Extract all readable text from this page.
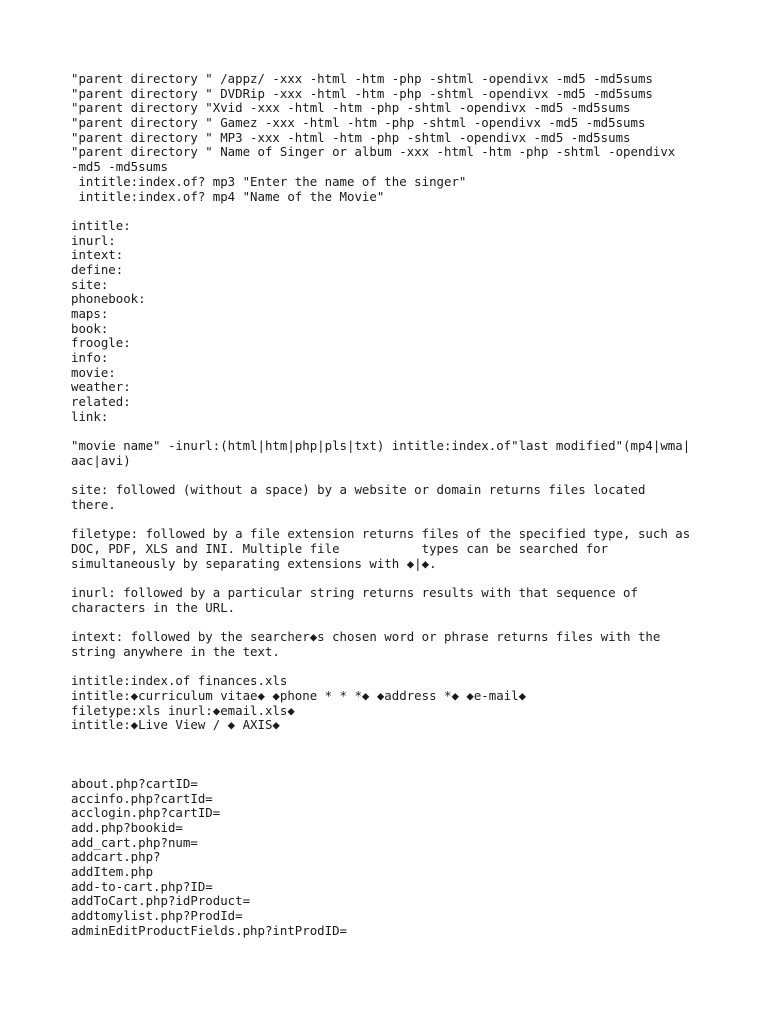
"parent directory " /appz/ -xxx -html -htm -php -shtml -opendivx -md5 -md5sums
"parent directory " DVDRip -xxx -html -htm -php -shtml -opendivx -md5 -md5sums
"parent directory "Xvid -xxx -html -htm -php -shtml -opendivx -md5 -md5sums
"parent directory " Gamez -xxx -html -htm -php -shtml -opendivx -md5 -md5sums
"parent directory " MP3 -xxx -html -htm -php -shtml -opendivx -md5 -md5sums
"parent directory " Name of Singer or album -xxx -html -htm -php -shtml -opendivx
-md5 -md5sums
intitle:index.of? mp3 "Enter the name of the singer"
intitle:index.of? mp4 "Name of the Movie"
intitle:
inurl:
intext:
define:
site:
phonebook:
maps:
book:
froogle:
info:
movie:
weather:
related:
link:
"movie name" -inurl:(html|htm|php|pls|txt) intitle:index.of"last modified"(mp4|wma|
aac|avi)
site: followed (without a space) by a website or domain returns files located
there.
filetype: followed by a file extension returns files of the specified type, such as
DOC, PDF, XLS and INI. Multiple file           types can be searched for
simultaneously by separating extensions with ◆|◆.
inurl: followed by a particular string returns results with that sequence of
characters in the URL.
intext: followed by the searcher◆s chosen word or phrase returns files with the
string anywhere in the text.
intitle:index.of finances.xls
intitle:◆curriculum vitae◆ ◆phone * * *◆ ◆address *◆ ◆e-mail◆
filetype:xls inurl:◆email.xls◆
intitle:◆Live View / ◆ AXIS◆
about.php?cartID=
accinfo.php?cartId=
acclogin.php?cartID=
add.php?bookid=
add_cart.php?num=
addcart.php?
addItem.php
add-to-cart.php?ID=
addToCart.php?idProduct=
addtomylist.php?ProdId=
adminEditProductFields.php?intProdID=
